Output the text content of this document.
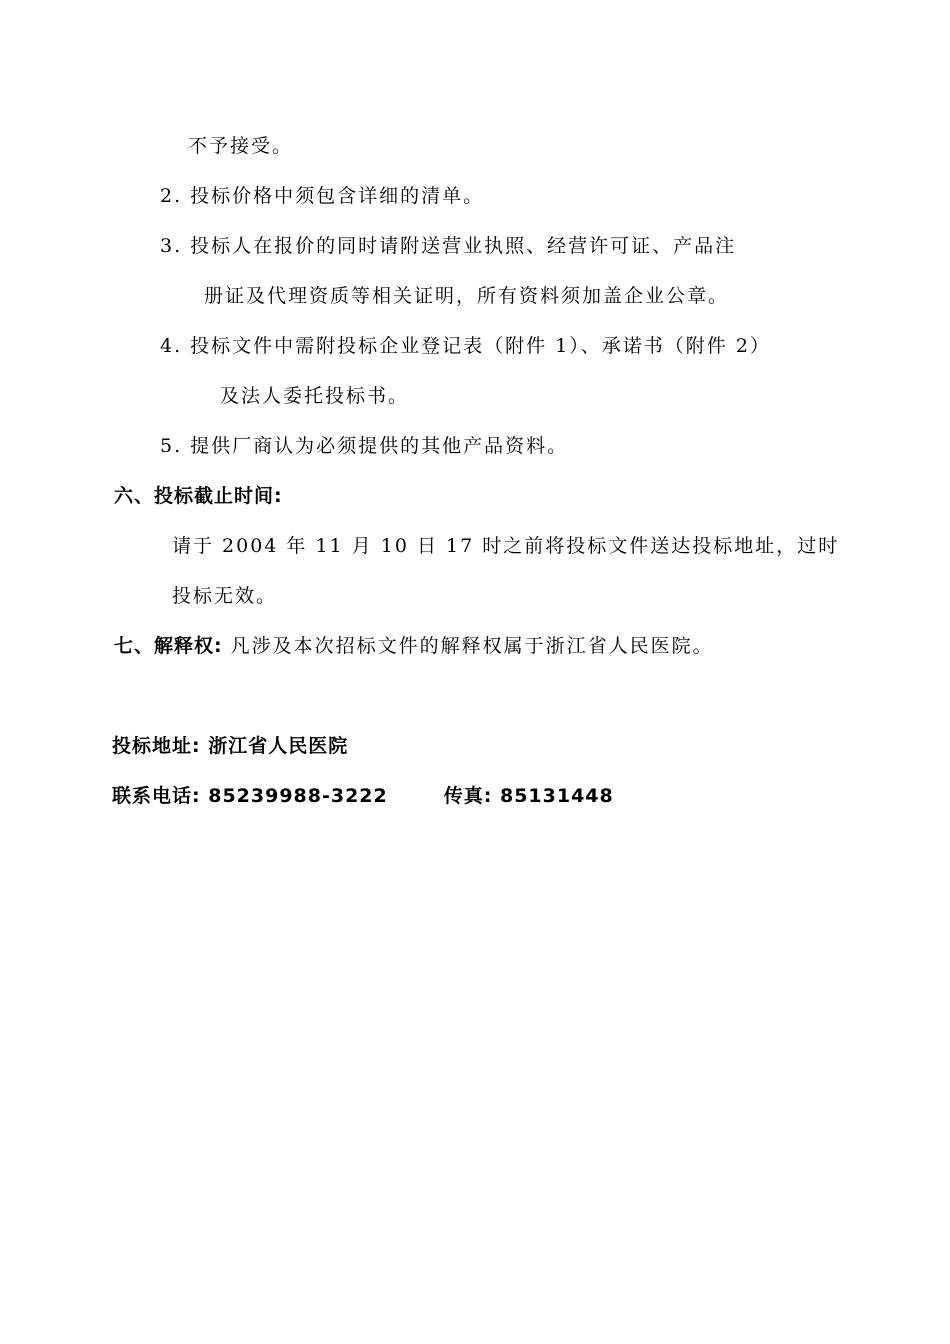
不予接受。
2. 投标价格中须包含详细的清单。
3. 投标人在报价的同时请附送营业执照、经营许可证、产品注
册证及代理资质等相关证明，所有资料须加盖企业公章。
4. 投标文件中需附投标企业登记表（附件 1）、承诺书（附件 2）
及法人委托投标书。
5. 提供厂商认为必须提供的其他产品资料。
六、投标截止时间:
请于 2004 年 11 月 10 日 17 时之前将投标文件送达投标地址，过时
投标无效。
七、解释权: 凡涉及本次招标文件的解释权属于浙江省人民医院。
投标地址: 浙江省人民医院
联系电话: 85239988-3222	传真: 85131448
